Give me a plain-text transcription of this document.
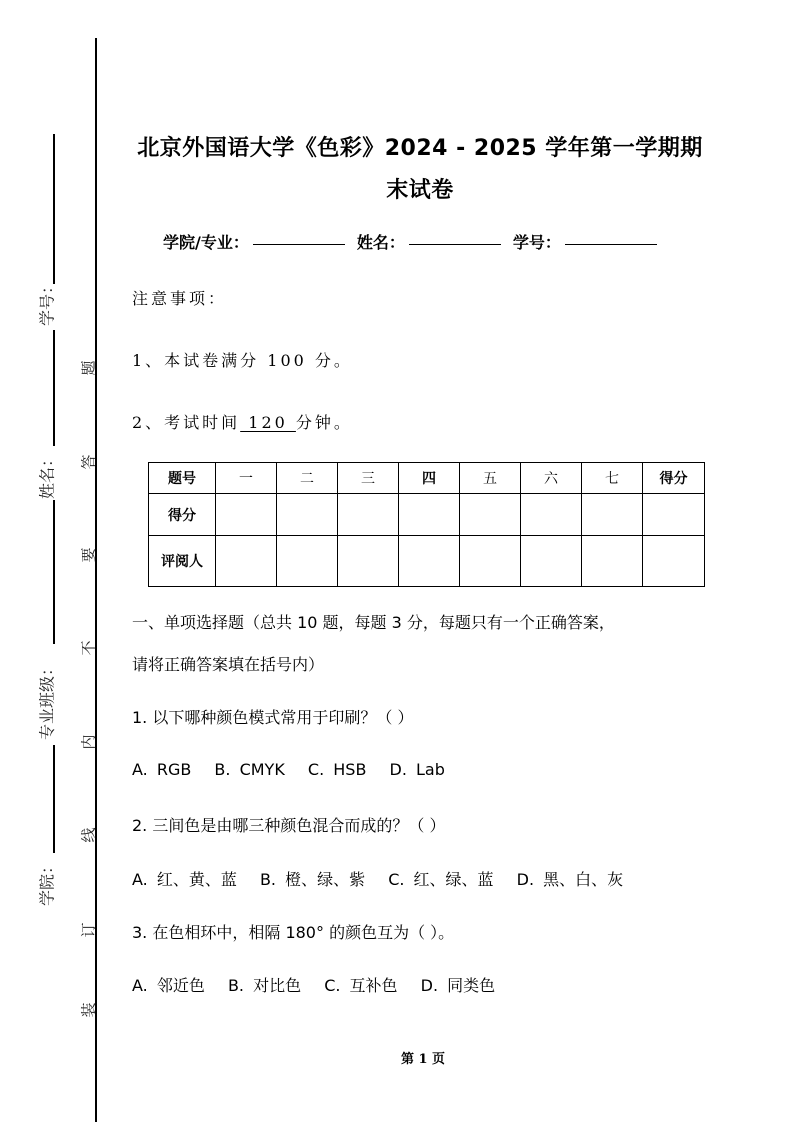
学号：
姓名：
专业班级：
学院：
装
订
线
内
不
要
答
题
北京外国语大学《色彩》2024 - 2025 学年第一学期期
末试卷
学院/专业：	姓名：	学号：
注意事项：
1、本试卷满分 100 分。
2、考试时间 120 分钟。
题号	一	二	三	四	五	六	七	得分
得分								
评阅人								
一、单项选择题（总共 10 题，每题 3 分，每题只有一个正确答案，
请将正确答案填在括号内）
1. 以下哪种颜色模式常用于印刷？（ ）
A. RGB B. CMYK C. HSB D. Lab
2. 三间色是由哪三种颜色混合而成的？（ ）
A. 红、黄、蓝 B. 橙、绿、紫 C. 红、绿、蓝 D. 黑、白、灰
3. 在色相环中，相隔 180° 的颜色互为（ ）。
A. 邻近色 B. 对比色 C. 互补色 D. 同类色
第 1 页
